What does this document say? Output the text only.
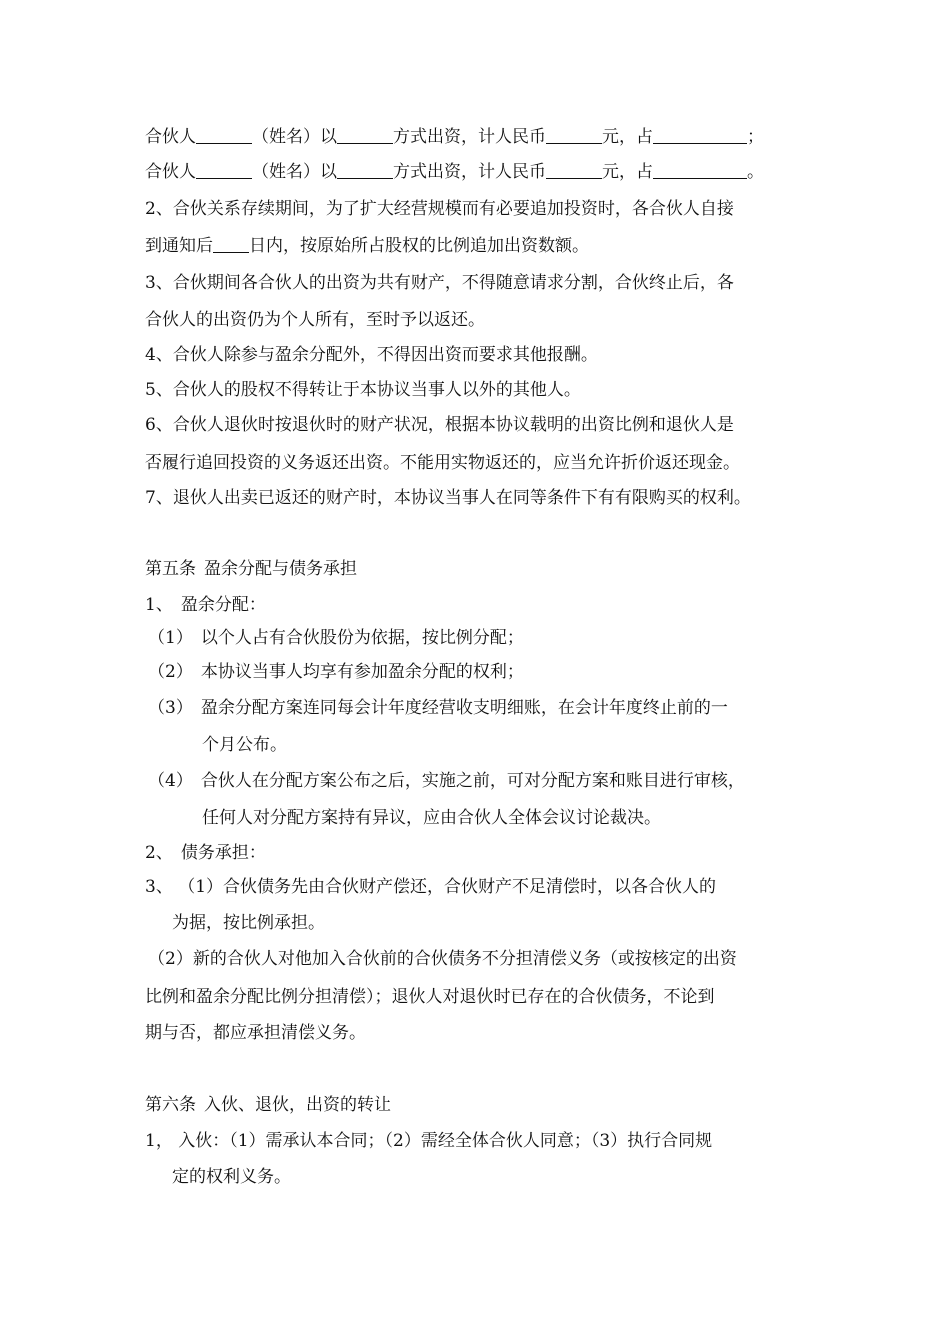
合伙人	（姓名）以	方式出资，计人民币	元，占	；
合伙人	（姓名）以	方式出资，计人民币	元，占	。
2、合伙关系存续期间，为了扩大经营规模而有必要追加投资时，各合伙人自接
到通知后 日内，按原始所占股权的比例追加出资数额。
3、合伙期间各合伙人的出资为共有财产，不得随意请求分割，合伙终止后，各
合伙人的出资仍为个人所有，至时予以返还。
4、合伙人除参与盈余分配外，不得因出资而要求其他报酬。
5、合伙人的股权不得转让于本协议当事人以外的其他人。
6、合伙人退伙时按退伙时的财产状况，根据本协议载明的出资比例和退伙人是
否履行追回投资的义务返还出资。不能用实物返还的，应当允许折价返还现金。
7、退伙人出卖已返还的财产时，本协议当事人在同等条件下有有限购买的权利。
第五条 盈余分配与债务承担
1、 盈余分配：
（1） 以个人占有合伙股份为依据，按比例分配；
（2） 本协议当事人均享有参加盈余分配的权利；
（3） 盈余分配方案连同每会计年度经营收支明细账，在会计年度终止前的一
个月公布。
（4） 合伙人在分配方案公布之后，实施之前，可对分配方案和账目进行审核，
任何人对分配方案持有异议，应由合伙人全体会议讨论裁决。
2、 债务承担：
3、 （1）合伙债务先由合伙财产偿还，合伙财产不足清偿时，以各合伙人的
为据，按比例承担。
（2）新的合伙人对他加入合伙前的合伙债务不分担清偿义务（或按核定的出资
比例和盈余分配比例分担清偿）；退伙人对退伙时已存在的合伙债务，不论到
期与否，都应承担清偿义务。
第六条 入伙、退伙，出资的转让
1， 入伙：（1）需承认本合同；（2）需经全体合伙人同意；（3）执行合同规
定的权利义务。
